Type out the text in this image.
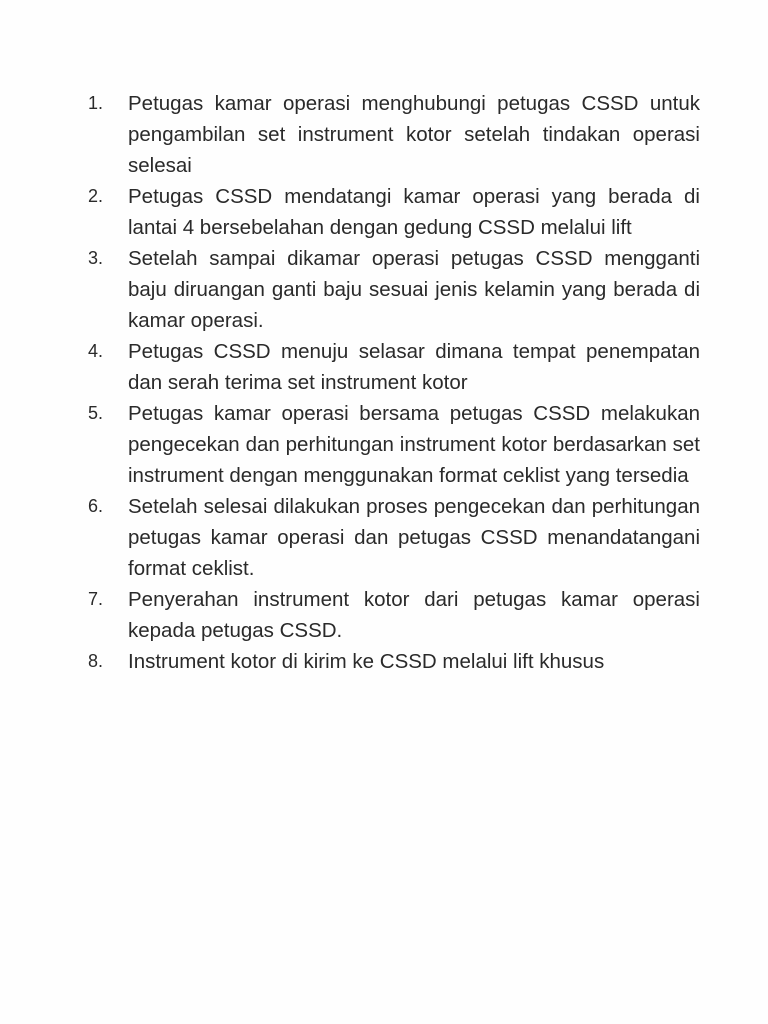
1.	Petugas kamar operasi menghubungi petugas CSSD untuk pengambilan set instrument kotor setelah tindakan operasi selesai
2.	Petugas CSSD mendatangi kamar operasi yang berada di lantai 4 bersebelahan dengan gedung CSSD melalui lift
3.	Setelah sampai dikamar operasi petugas CSSD mengganti baju diruangan ganti baju sesuai jenis kelamin yang berada di kamar operasi.
4.	Petugas CSSD menuju selasar dimana tempat penempatan dan serah terima set instrument kotor
5.	Petugas kamar operasi bersama petugas CSSD melakukan pengecekan dan perhitungan instrument kotor berdasarkan set instrument dengan menggunakan format ceklist yang tersedia
6.	Setelah selesai dilakukan proses pengecekan dan perhitungan petugas kamar operasi dan petugas CSSD menandatangani format ceklist.
7.	Penyerahan instrument kotor dari petugas kamar operasi kepada petugas CSSD.
8.	Instrument kotor di kirim ke CSSD melalui lift khusus
